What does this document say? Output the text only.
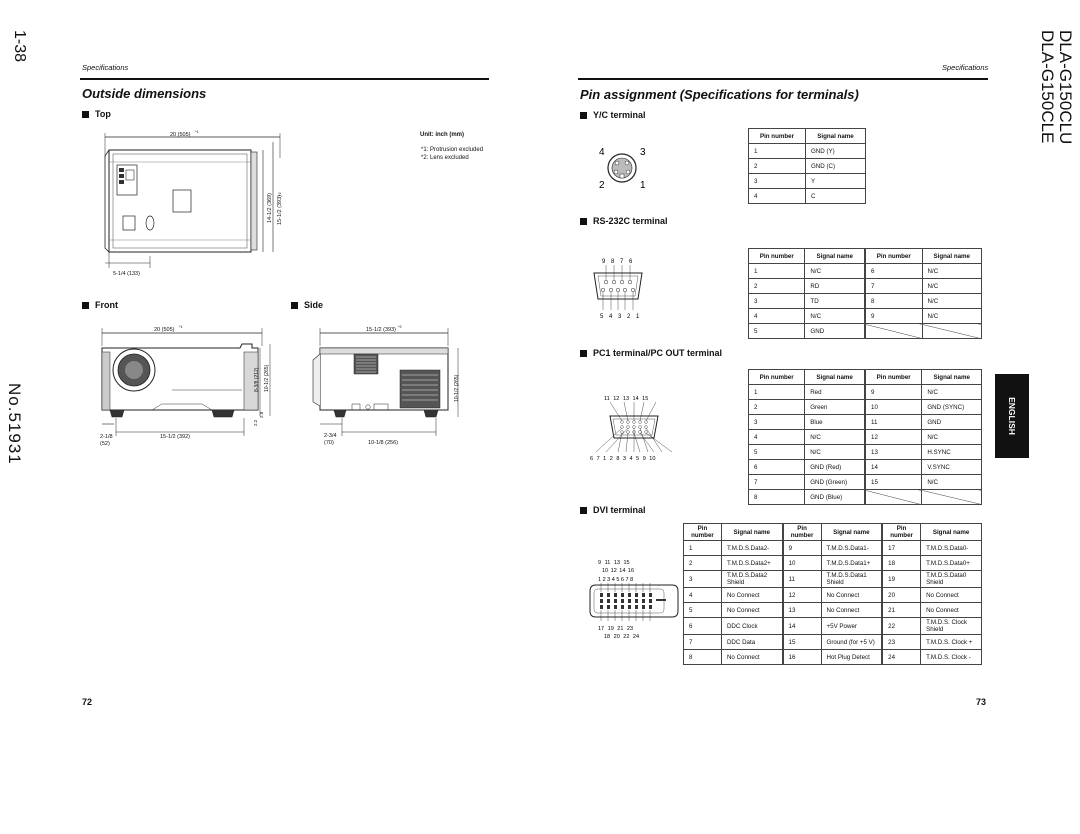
1-38
No.51931
DLA-G150CLU
DLA-G150CLE
Specifications
Outside dimensions
Top
Unit: inch (mm)
*1: Protrusion excluded
*2: Lens excluded
20 (505)
*1
14-1/2 (369) 15-1/2 (393)
*2
5-1/4 (133)
Front	Side
20 (505)
*1
8-3/8 (212) 10-1/2 (265)
2.8
2.2
2-1/8
(52)
15-1/2 (392)
15-1/2 (393)
*2
10-1/2 (265)
2-3/4
(70)	10-1/8 (256)
72
Specifications
Pin assignment (Specifications for terminals)
Y/C terminal
4	3
2	1
Pin number	Signal name
1	GND (Y)
2	GND (C)
3	Y
4	C
RS-232C terminal
9 8 7 6
5 4 3 2 1
Pin number	Signal name	Pin number	Signal name
1	N/C	6	N/C
2	RD	7	N/C
3	TD	8	N/C
4	N/C	9	N/C
5	GND		
PC1 terminal/PC OUT terminal
11 12 13 14 15
6 7 1 2 8 3 4 5 9 10
Pin number	Signal name	Pin number	Signal name
1	Red	9	N/C
2	Green	10	GND (SYNC)
3	Blue	11	GND
4	N/C	12	N/C
5	N/C	13	H.SYNC
6	GND (Red)	14	V.SYNC
7	GND (Green)	15	N/C
8	GND (Blue)		
DVI terminal
9 11 13 15
10 12 14 16
1 2 3 4 5 6 7 8
17 19 21 23
18 20 22 24
Pin number	Signal name	Pin number	Signal name	Pin number	Signal name
1	T.M.D.S.Data2-	9	T.M.D.S.Data1-	17	T.M.D.S.Data0-
2	T.M.D.S.Data2+	10	T.M.D.S.Data1+	18	T.M.D.S.Data0+
3	T.M.D.S.Data2 Shield	11	T.M.D.S.Data1 Shield	19	T.M.D.S.Data0 Shield
4	No Connect	12	No Connect	20	No Connect
5	No Connect	13	No Connect	21	No Connect
6	DDC Clock	14	+5V Power	22	T.M.D.S. Clock Shield
7	DDC Data	15	Ground (for +5 V)	23	T.M.D.S. Clock +
8	No Connect	16	Hot Plug Detect	24	T.M.D.S. Clock -
ENGLISH
73
